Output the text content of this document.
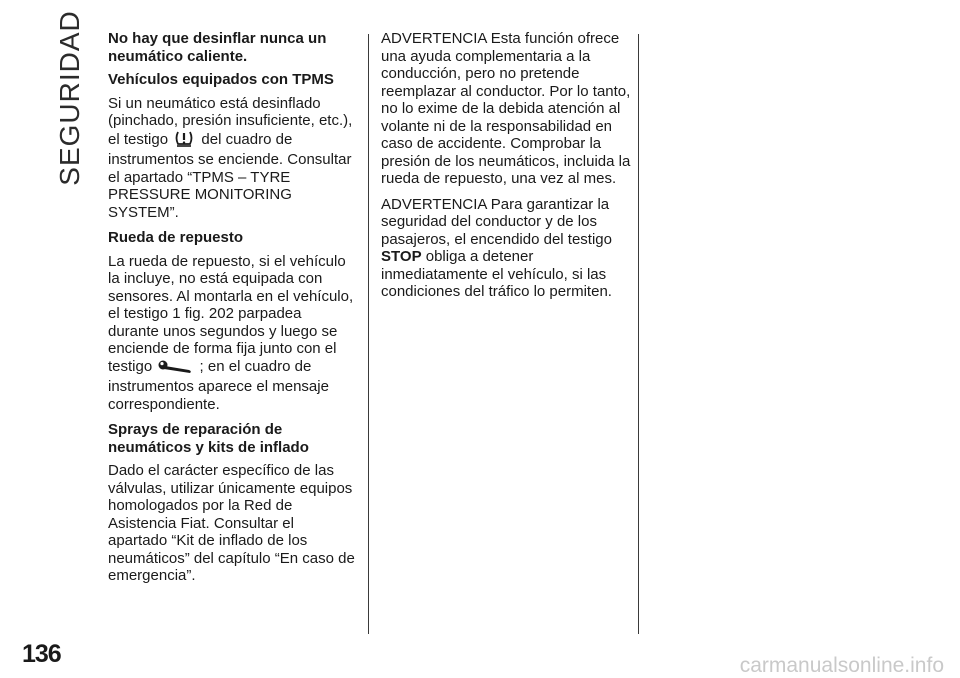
SEGURIDAD No hay que desinflar nunca un neumático caliente.
Vehículos equipados con TPMS

Si un neumático está desinflado (pinchado, presión insuficiente, etc.), el testigo del cuadro de instrumentos se enciende. Consultar el apartado “TPMS – TYRE PRESSURE MONITORING SYSTEM”.

Rueda de repuesto

La rueda de repuesto, si el vehículo la incluye, no está equipada con sensores. Al montarla en el vehículo, el testigo 1 fig. 202 parpadea durante unos segundos y luego se enciende de forma fija junto con el testigo	; en el cuadro de instrumentos aparece el mensaje correspondiente.

Sprays de reparación de neumáticos y kits de inflado

Dado el carácter específico de las válvulas, utilizar únicamente equipos homologados por la Red de Asistencia Fiat. Consultar el apartado “Kit de inflado de los neumáticos” del capítulo “En caso de emergencia”.

ADVERTENCIA Esta función ofrece una ayuda complementaria a la conducción, pero no pretende reemplazar al conductor. Por lo tanto, no lo exime de la debida atención al volante ni de la responsabilidad en caso de accidente. Comprobar la presión de los neumáticos, incluida la rueda de repuesto, una vez al mes.

ADVERTENCIA Para garantizar la seguridad del conductor y de los pasajeros, el encendido del testigo STOP obliga a detener inmediatamente el vehículo, si las condiciones del tráfico lo permiten.

136	carmanualsonline.info
